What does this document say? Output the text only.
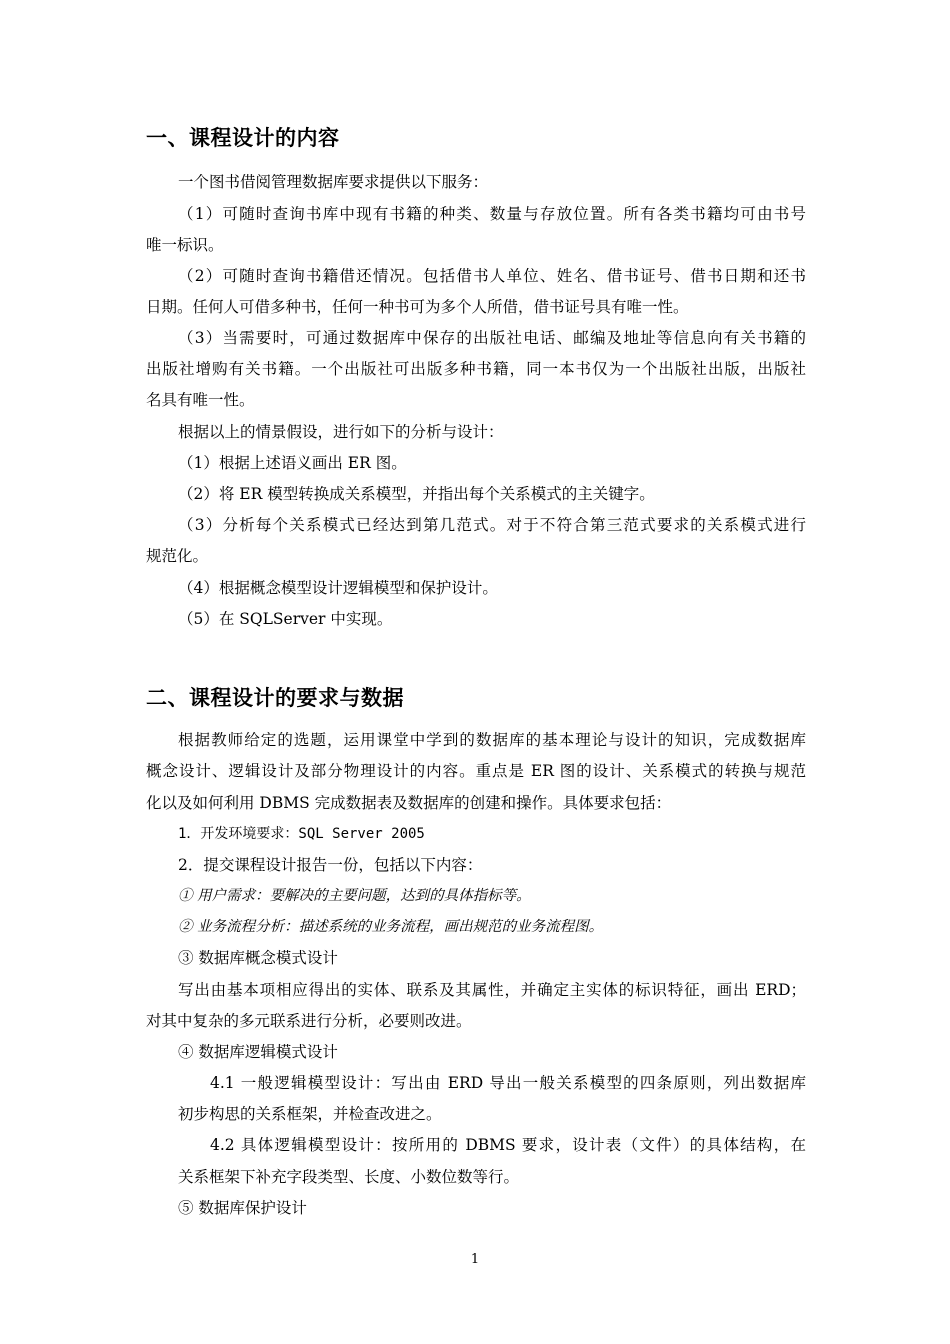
一、课程设计的内容
一个图书借阅管理数据库要求提供以下服务：
（1）可随时查询书库中现有书籍的种类、数量与存放位置。所有各类书籍均可由书号
唯一标识。
（2）可随时查询书籍借还情况。包括借书人单位、姓名、借书证号、借书日期和还书
日期。任何人可借多种书，任何一种书可为多个人所借，借书证号具有唯一性。
（3）当需要时，可通过数据库中保存的出版社电话、邮编及地址等信息向有关书籍的
出版社增购有关书籍。一个出版社可出版多种书籍，同一本书仅为一个出版社出版，出版社
名具有唯一性。
根据以上的情景假设，进行如下的分析与设计：
（1）根据上述语义画出 ER 图。
（2）将 ER 模型转换成关系模型，并指出每个关系模式的主关键字。
（3）分析每个关系模式已经达到第几范式。对于不符合第三范式要求的关系模式进行
规范化。
（4）根据概念模型设计逻辑模型和保护设计。
（5）在 SQLServer 中实现。
二、课程设计的要求与数据
根据教师给定的选题，运用课堂中学到的数据库的基本理论与设计的知识，完成数据库
概念设计、逻辑设计及部分物理设计的内容。重点是 ER 图的设计、关系模式的转换与规范
化以及如何利用 DBMS 完成数据表及数据库的创建和操作。具体要求包括：
1．开发环境要求：SQL Server 2005
2．提交课程设计报告一份，包括以下内容：
① 用户需求：要解决的主要问题，达到的具体指标等。
② 业务流程分析：描述系统的业务流程，画出规范的业务流程图。
③ 数据库概念模式设计
写出由基本项相应得出的实体、联系及其属性，并确定主实体的标识特征，画出 ERD；
对其中复杂的多元联系进行分析，必要则改进。
④ 数据库逻辑模式设计
4.1 一般逻辑模型设计：写出由 ERD 导出一般关系模型的四条原则，列出数据库
初步构思的关系框架，并检查改进之。
4.2 具体逻辑模型设计：按所用的 DBMS 要求，设计表（文件）的具体结构，在
关系框架下补充字段类型、长度、小数位数等行。
⑤ 数据库保护设计
1
